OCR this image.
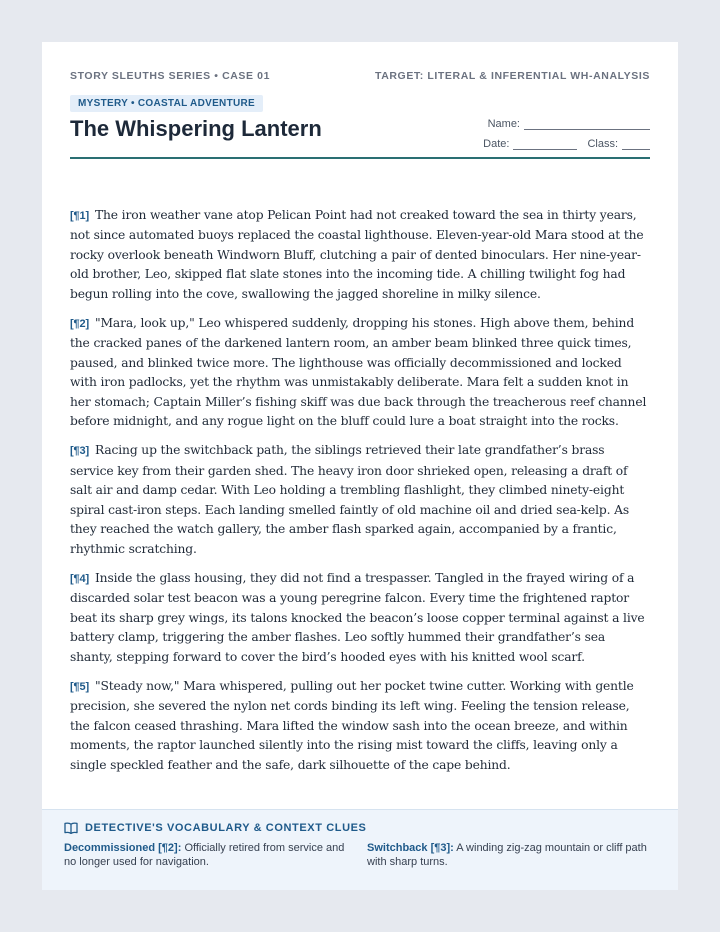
STORY SLEUTHS SERIES • CASE 01	TARGET: LITERAL & INFERENTIAL WH-ANALYSIS
MYSTERY • COASTAL ADVENTURE
The Whispering Lantern	Name:
Date:	Class:

[¶1] The iron weather vane atop Pelican Point had not creaked toward the sea in thirty years, not since automated buoys replaced the coastal lighthouse. Eleven-year-old Mara stood at the rocky overlook beneath Windworn Bluff, clutching a pair of dented binoculars. Her nine-year-old brother, Leo, skipped flat slate stones into the incoming tide. A chilling twilight fog had begun rolling into the cove, swallowing the jagged shoreline in milky silence.

[¶2] "Mara, look up," Leo whispered suddenly, dropping his stones. High above them, behind the cracked panes of the darkened lantern room, an amber beam blinked three quick times, paused, and blinked twice more. The lighthouse was officially decommissioned and locked with iron padlocks, yet the rhythm was unmistakably deliberate. Mara felt a sudden knot in her stomach; Captain Miller’s fishing skiff was due back through the treacherous reef channel before midnight, and any rogue light on the bluff could lure a boat straight into the rocks.

[¶3] Racing up the switchback path, the siblings retrieved their late grandfather’s brass service key from their garden shed. The heavy iron door shrieked open, releasing a draft of salt air and damp cedar. With Leo holding a trembling flashlight, they climbed ninety-eight spiral cast-iron steps. Each landing smelled faintly of old machine oil and dried sea-kelp. As they reached the watch gallery, the amber flash sparked again, accompanied by a frantic, rhythmic scratching.

[¶4] Inside the glass housing, they did not find a trespasser. Tangled in the frayed wiring of a discarded solar test beacon was a young peregrine falcon. Every time the frightened raptor beat its sharp grey wings, its talons knocked the beacon’s loose copper terminal against a live battery clamp, triggering the amber flashes. Leo softly hummed their grandfather’s sea shanty, stepping forward to cover the bird’s hooded eyes with his knitted wool scarf.

[¶5] "Steady now," Mara whispered, pulling out her pocket twine cutter. Working with gentle precision, she severed the nylon net cords binding its left wing. Feeling the tension release, the falcon ceased thrashing. Mara lifted the window sash into the ocean breeze, and within moments, the raptor launched silently into the rising mist toward the cliffs, leaving only a single speckled feather and the safe, dark silhouette of the cape behind.

DETECTIVE'S VOCABULARY & CONTEXT CLUES
Decommissioned [¶2]: Officially retired from service and no longer used for navigation.
Switchback [¶3]: A winding zig-zag mountain or cliff path with sharp turns.
